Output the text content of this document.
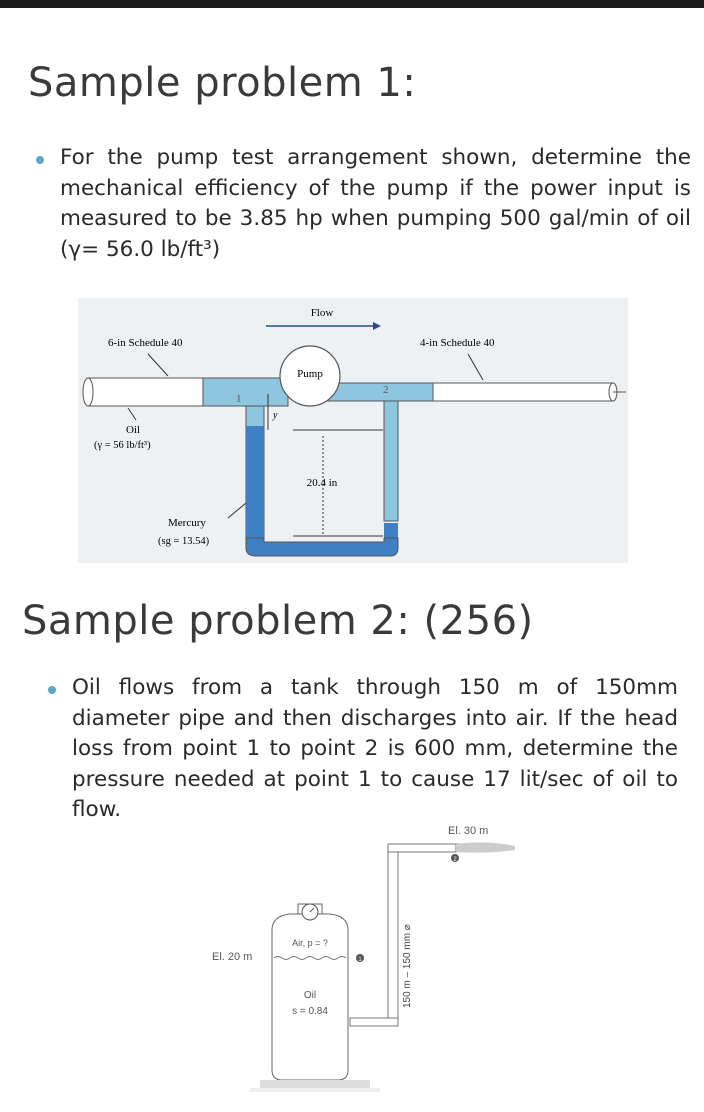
Sample problem 1:

For the pump test arrangement shown, determine the mechanical efficiency of the pump if the power input is measured to be 3.85 hp when pumping 500 gal/min of oil (γ= 56.0 lb/ft³)

Pump
Flow
6-in Schedule 40	4-in Schedule 40
1
2
y
20.4 in
Oil
(γ = 56 lb/ft³)
Mercury
(sg = 13.54)
Sample problem 2: (256)

Oil flows from a tank through 150 m of 150mm diameter pipe and then discharges into air. If the head loss from point 1 to point 2 is 600 mm, determine the pressure needed at point 1 to cause 17 lit/sec of oil to flow.

El. 30 m
2
150 m – 150 mm ⌀
Air, p = ?
1
Oil
s = 0.84
El. 20 m
